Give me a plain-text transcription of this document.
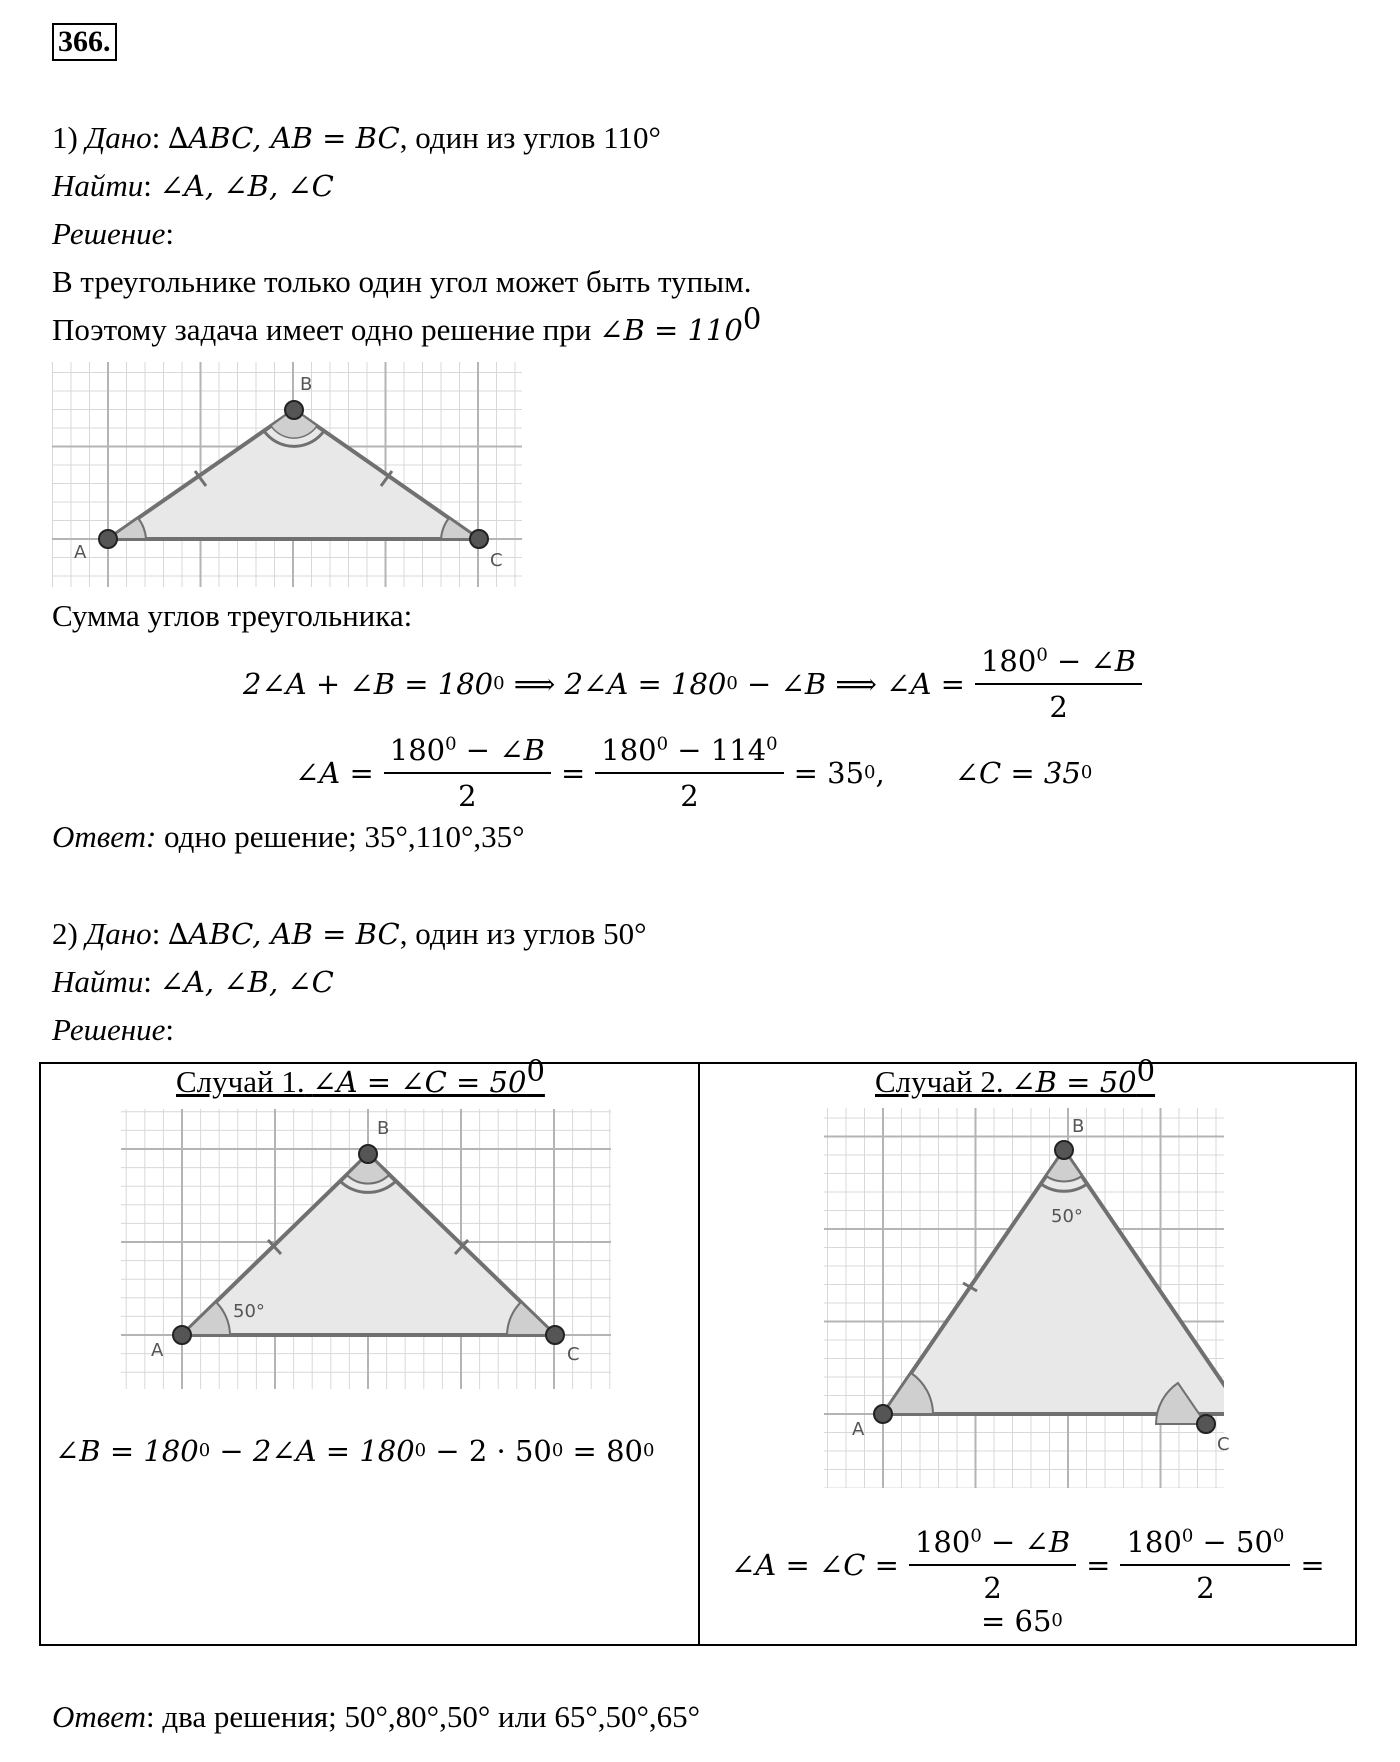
366.
1) Дано: ∆ABC, AB = BC, один из углов 110°
Найти: ∠A, ∠B, ∠C
Решение:
В треугольнике только один угол может быть тупым.
Поэтому задача имеет одно решение при ∠B = $110^0$
A
B
C
Сумма углов треугольника:
2∠A + ∠B = 180 0 ⟹ 2∠A = 180 0 − ∠B ⟹ ∠A = $\frac{180^0 - \angle B}{2}$
∠A = $\frac{180^0 - \angle B}{2} = \frac{180^0 - 114^0}{2} = 35$ 0 , ∠C = 35 0
Ответ: одно решение; 35°,110°,35°
2) Дано: ∆ABC, AB = BC, один из углов 50°
Найти: ∠A, ∠B, ∠C
Решение:
Случай 1. ∠A = ∠C = $50^0$
A
B
C
50°
∠B = 180 0 − 2∠A = 180 0 − 2 · 50 0 = 80 0
Случай 2. ∠B = $50^0$
A
B
50°
C
∠A = ∠C = $\frac{180^0 - \angle B}{2} = \frac{180^0 - 50^0}{2}$ =
= 65 0
Ответ: два решения; 50°,80°,50° или 65°,50°,65°
